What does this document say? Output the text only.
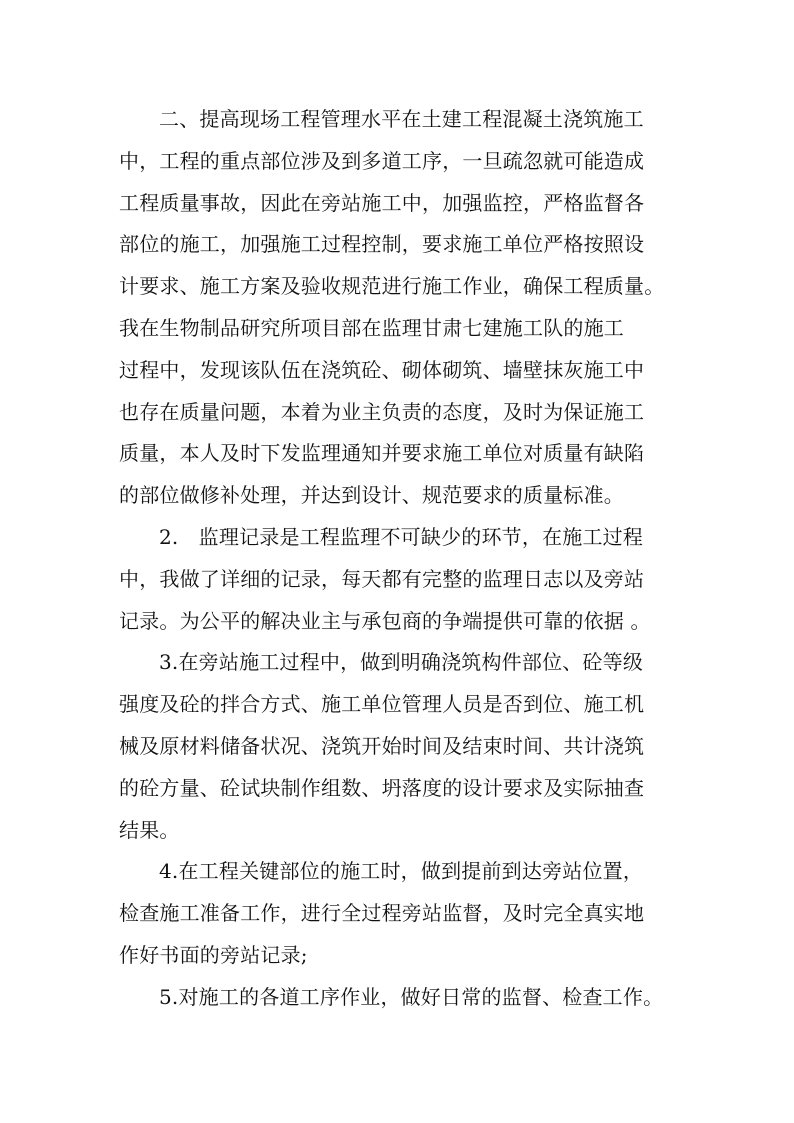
二、提高现场工程管理水平在土建工程混凝土浇筑施工
中，工程的重点部位涉及到多道工序，一旦疏忽就可能造成
工程质量事故，因此在旁站施工中，加强监控，严格监督各
部位的施工，加强施工过程控制，要求施工单位严格按照设
计要求、施工方案及验收规范进行施工作业，确保工程质量。
我在生物制品研究所项目部在监理甘肃七建施工队的施工
过程中，发现该队伍在浇筑砼、砌体砌筑、墙壁抹灰施工中
也存在质量问题，本着为业主负责的态度，及时为保证施工
质量，本人及时下发监理通知并要求施工单位对质量有缺陷
的部位做修补处理，并达到设计、规范要求的质量标准。

2.　监理记录是工程监理不可缺少的环节，在施工过程
中，我做了详细的记录，每天都有完整的监理日志以及旁站
记录。为公平的解决业主与承包商的争端提供可靠的依据 。

3.在旁站施工过程中，做到明确浇筑构件部位、砼等级
强度及砼的拌合方式、施工单位管理人员是否到位、施工机
械及原材料储备状况、浇筑开始时间及结束时间、共计浇筑
的砼方量、砼试块制作组数、坍落度的设计要求及实际抽查
结果。

4.在工程关键部位的施工时，做到提前到达旁站位置，
检查施工准备工作，进行全过程旁站监督，及时完全真实地
作好书面的旁站记录;

5.对施工的各道工序作业，做好日常的监督、检查工作。
